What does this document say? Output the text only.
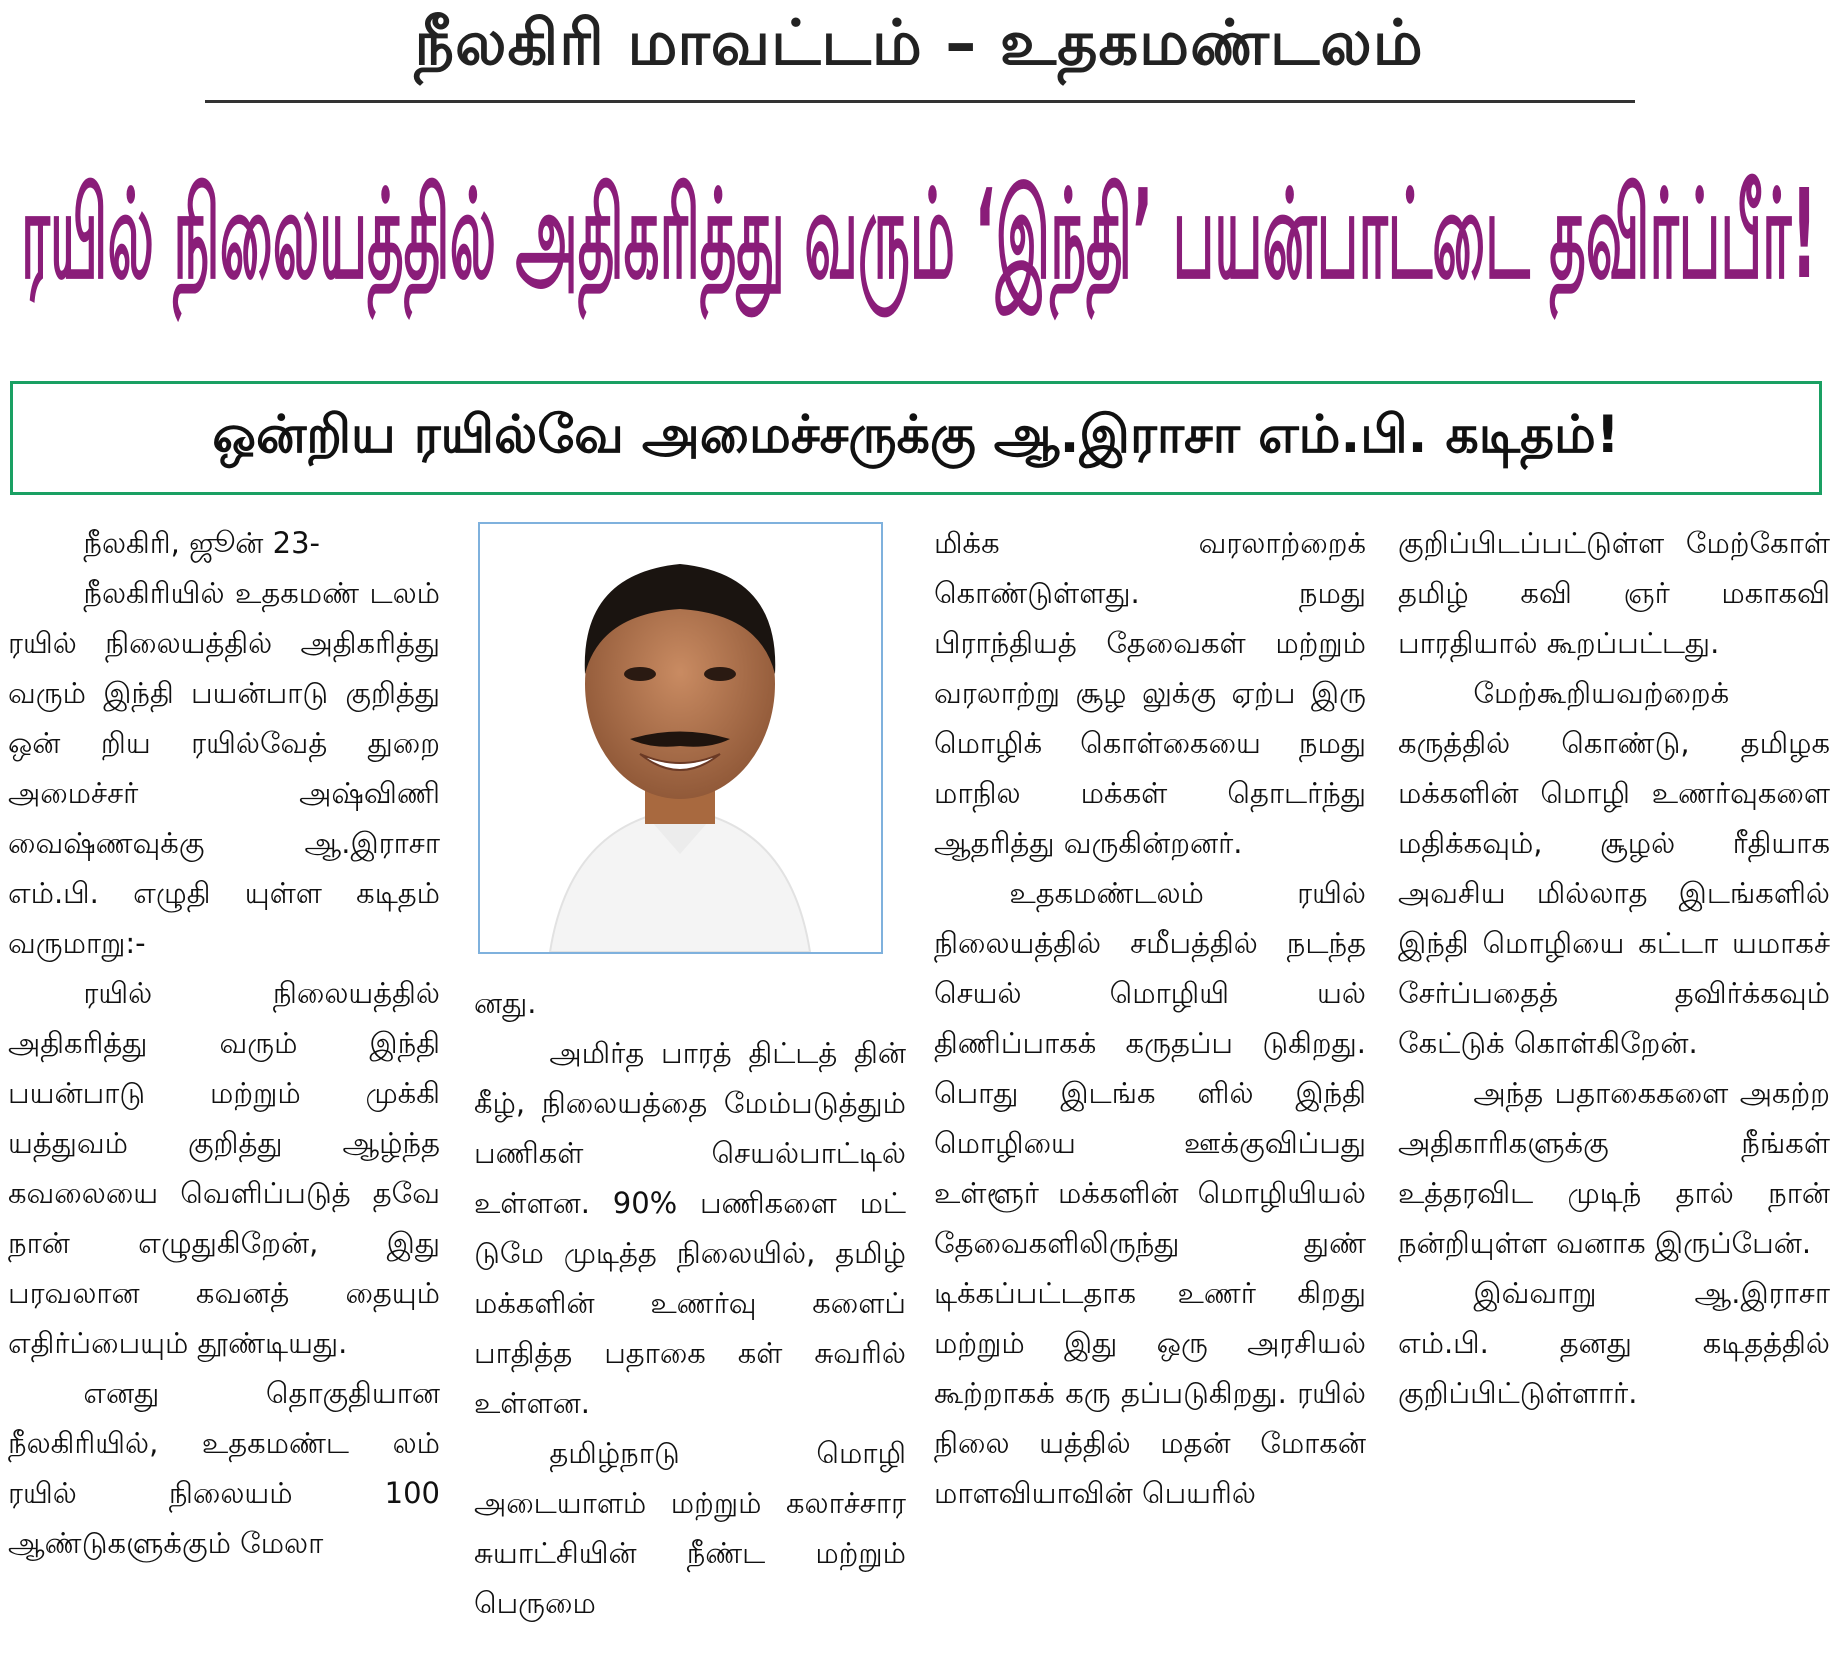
நீலகிரி மாவட்டம் – உதகமண்டலம்
ரயில் நிலையத்தில் அதிகரித்து வரும் ‘இந்தி’ பயன்பாட்டை தவிர்ப்பீர்!
ஒன்றிய ரயில்வே அமைச்சருக்கு ஆ.இராசா எம்.பி. கடிதம்!

நீலகிரி, ஜூன் 23-

நீலகிரியில் உதகமண் டலம் ரயில் நிலையத்தில் அதிகரித்து வரும் இந்தி பயன்பாடு குறித்து ஒன் றிய ரயில்வேத் துறை அமைச்சர் அஷ்விணி வைஷ்ணவுக்கு ஆ.இராசா எம்.பி. எழுதி யுள்ள கடிதம் வருமாறு:-

ரயில் நிலையத்தில் அதிகரித்து வரும் இந்தி பயன்பாடு மற்றும் முக்கி யத்துவம் குறித்து ஆழ்ந்த கவலையை வெளிப்படுத் தவே நான் எழுதுகிறேன், இது பரவலான கவனத் தையும் எதிர்ப்பையும் தூண்டியது.

எனது தொகுதியான நீலகிரியில், உதகமண்ட லம் ரயில் நிலையம் 100 ஆண்டுகளுக்கும் மேலா

னது.

அமிர்த பாரத் திட்டத் தின் கீழ், நிலையத்தை மேம்படுத்தும் பணிகள் செயல்பாட்டில் உள்ளன. 90% பணிகளை மட் டுமே முடித்த நிலையில், தமிழ் மக்களின் உணர்வு களைப் பாதித்த பதாகை கள் சுவரில் உள்ளன.

தமிழ்நாடு மொழி அடையாளம் மற்றும் கலாச்சார சுயாட்சியின் நீண்ட மற்றும் பெருமை

மிக்க வரலாற்றைக் கொண்டுள்ளது. நமது பிராந்தியத் தேவைகள் மற்றும் வரலாற்று சூழ லுக்கு ஏற்ப இரு மொழிக் கொள்கையை நமது மாநில மக்கள் தொடர்ந்து ஆதரித்து வருகின்றனர்.

உதகமண்டலம் ரயில் நிலையத்தில் சமீபத்தில் நடந்த செயல் மொழியி யல் திணிப்பாகக் கருதப்ப டுகிறது. பொது இடங்க ளில் இந்தி மொழியை ஊக்குவிப்பது உள்ளூர் மக்களின் மொழியியல் தேவைகளிலிருந்து துண் டிக்கப்பட்டதாக உணர் கிறது மற்றும் இது ஒரு அரசியல் கூற்றாகக் கரு தப்படுகிறது. ரயில் நிலை யத்தில் மதன் மோகன் மாளவியாவின் பெயரில்

குறிப்பிடப்பட்டுள்ள மேற்கோள் தமிழ் கவி ஞர் மகாகவி பாரதியால் கூறப்பட்டது.

மேற்கூறியவற்றைக் கருத்தில் கொண்டு, தமிழக மக்களின் மொழி உணர்வுகளை மதிக்கவும், சூழல் ரீதியாக அவசிய மில்லாத இடங்களில் இந்தி மொழியை கட்டா யமாகச் சேர்ப்பதைத் தவிர்க்கவும் கேட்டுக் கொள்கிறேன்.

அந்த பதாகைகளை அகற்ற அதிகாரிகளுக்கு நீங்கள் உத்தரவிட முடிந் தால் நான் நன்றியுள்ள வனாக இருப்பேன்.

இவ்வாறு ஆ.இராசா எம்.பி. தனது கடிதத்தில் குறிப்பிட்டுள்ளார்.
